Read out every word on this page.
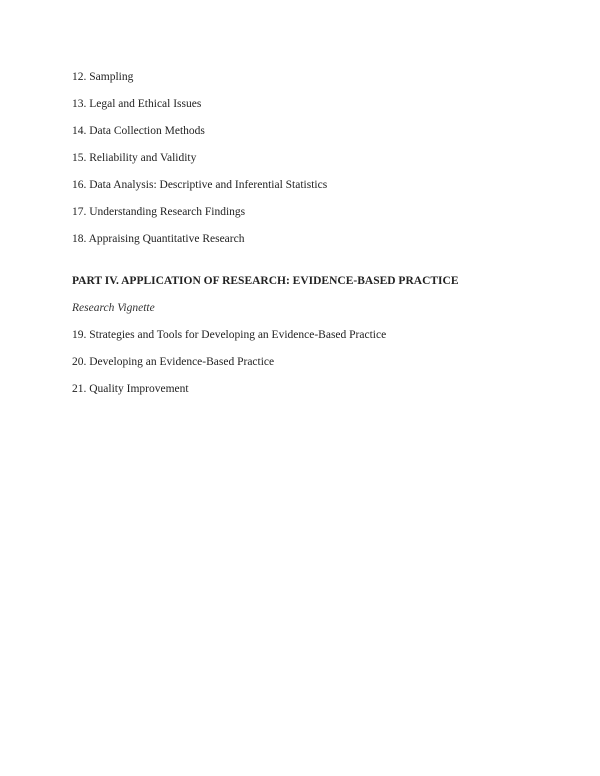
12. Sampling

13. Legal and Ethical Issues

14. Data Collection Methods

15. Reliability and Validity

16. Data Analysis: Descriptive and Inferential Statistics

17. Understanding Research Findings

18. Appraising Quantitative Research

PART IV. APPLICATION OF RESEARCH: EVIDENCE-BASED PRACTICE

Research Vignette

19. Strategies and Tools for Developing an Evidence-Based Practice

20. Developing an Evidence-Based Practice

21. Quality Improvement
